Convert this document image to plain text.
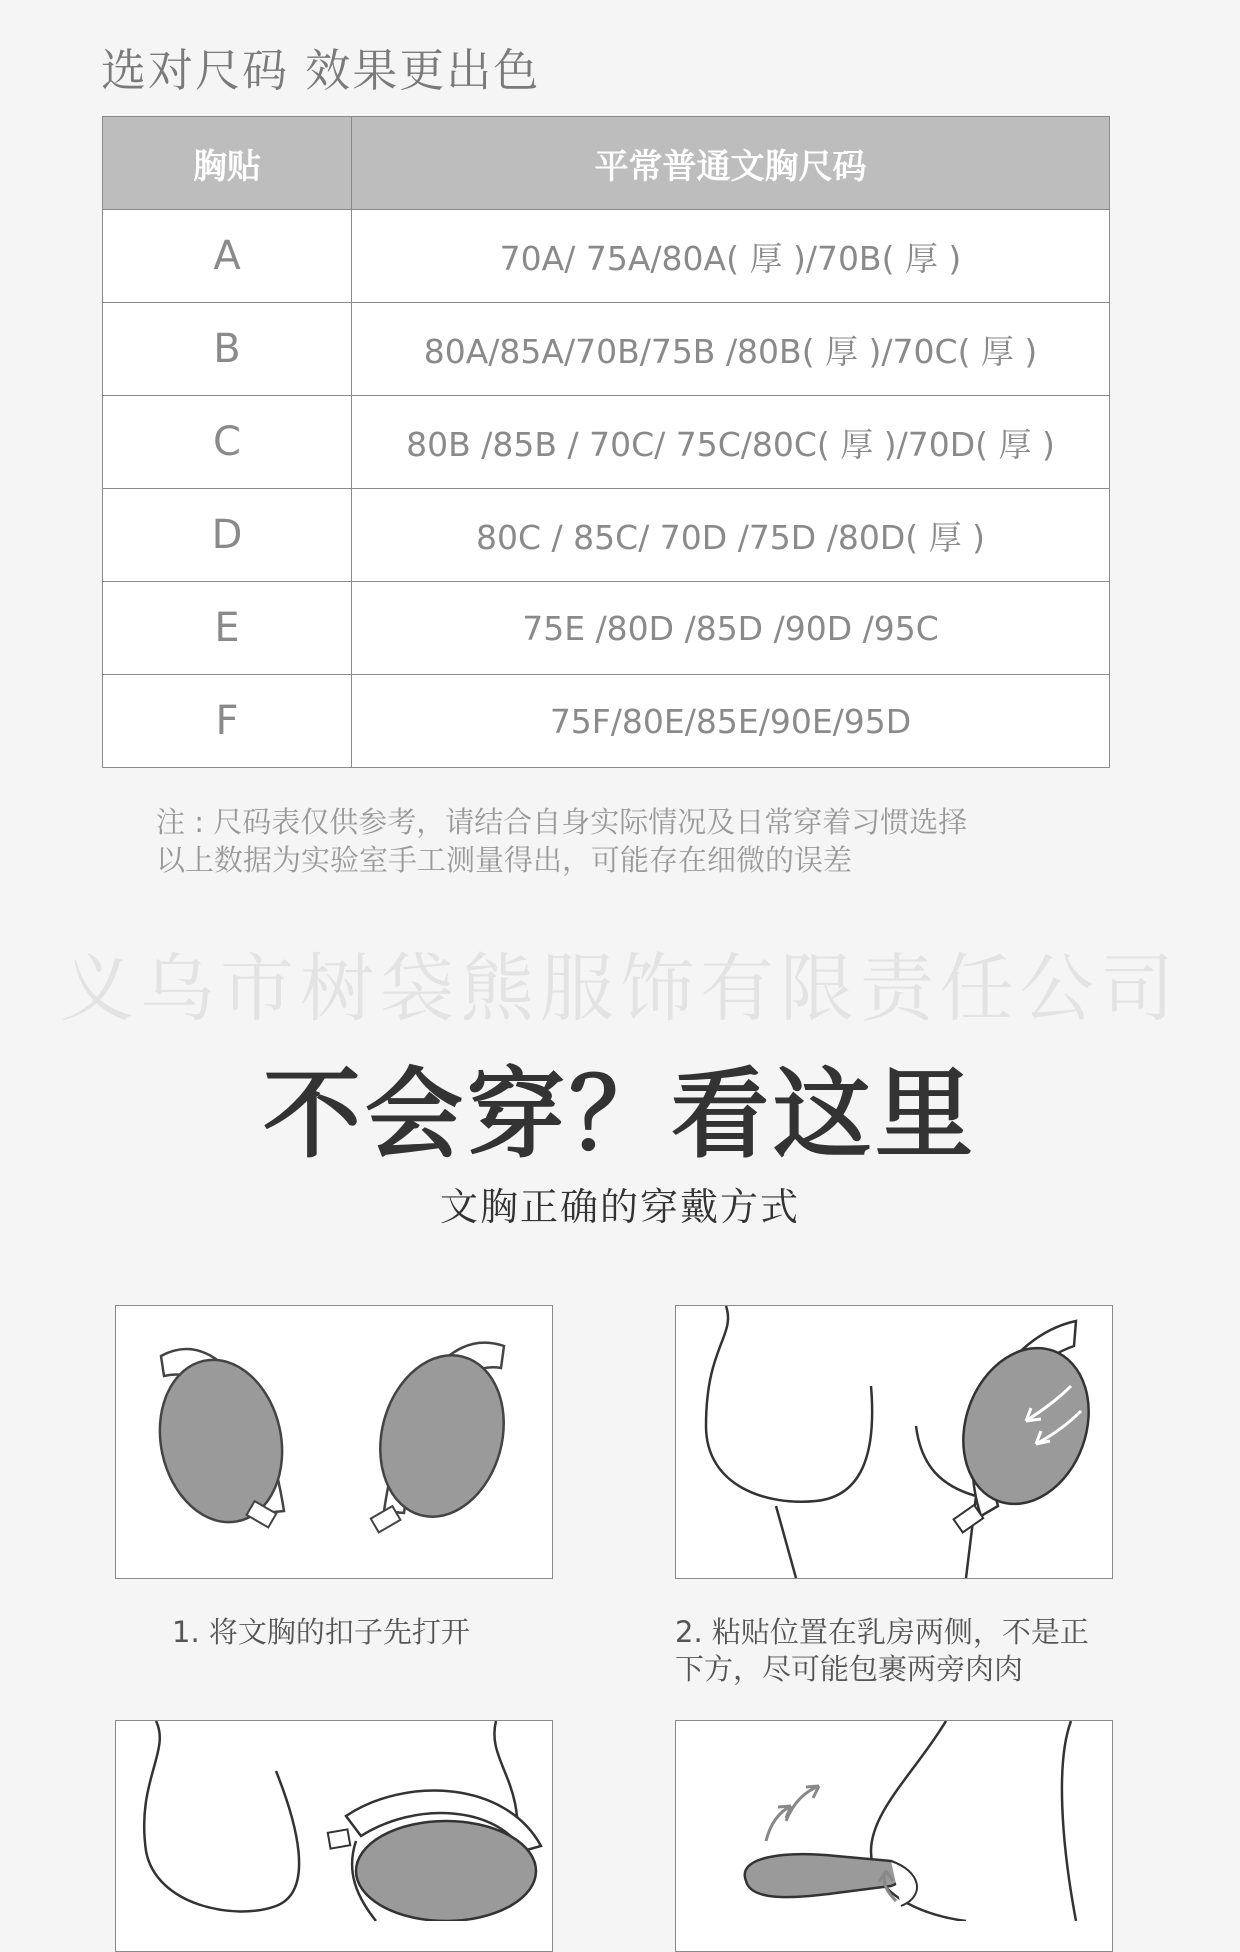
选对尺码 效果更出色
胸贴	平常普通文胸尺码
A	70A/ 75A/80A( 厚 )/70B( 厚 )
B	80A/85A/70B/75B /80B( 厚 )/70C( 厚 )
C	80B /85B / 70C/ 75C/80C( 厚 )/70D( 厚 )
D	80C / 85C/ 70D /75D /80D( 厚 )
E	75E /80D /85D /90D /95C
F	75F/80E/85E/90E/95D
注 : 尺码表仅供参考，请结合自身实际情况及日常穿着习惯选择
以上数据为实验室手工测量得出，可能存在细微的误差
义乌市树袋熊服饰有限责任公司
不会穿？看这里
文胸正确的穿戴方式
1. 将文胸的扣子先打开	2. 粘贴位置在乳房两侧，不是正
下方，尽可能包裹两旁肉肉
